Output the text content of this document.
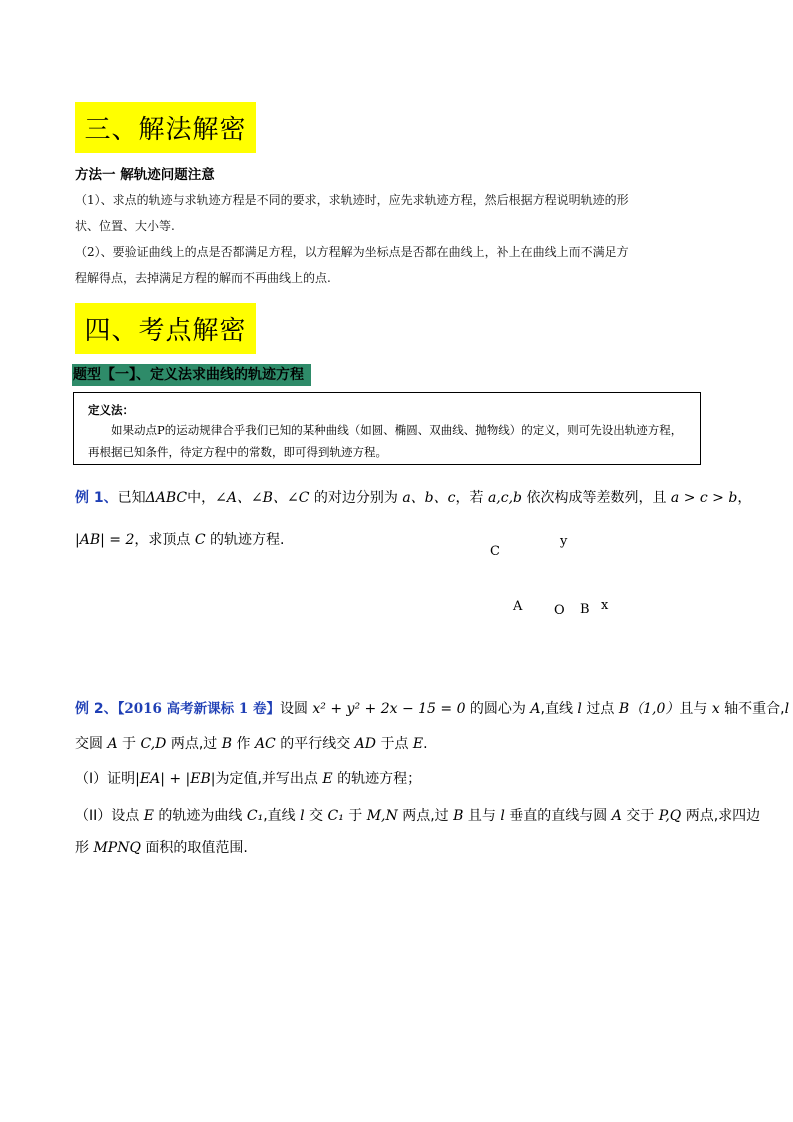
三、解法解密
方法一 解轨迹问题注意
（1）、求点的轨迹与求轨迹方程是不同的要求，求轨迹时，应先求轨迹方程，然后根据方程说明轨迹的形
状、位置、大小等.
（2）、要验证曲线上的点是否都满足方程，以方程解为坐标点是否都在曲线上，补上在曲线上而不满足方
程解得点，去掉满足方程的解而不再曲线上的点.
四、考点解密
题型【一】、定义法求曲线的轨迹方程
定义法：
如果动点P的运动规律合乎我们已知的某种曲线（如圆、椭圆、双曲线、抛物线）的定义，则可先设出轨迹方程，再根据已知条件，待定方程中的常数，即可得到轨迹方程。
例 1、已知ΔABC中，∠A、∠B、∠C 的对边分别为 a、b、c，若 a,c,b 依次构成等差数列，且 a > c > b，
|AB| = 2，求顶点 C 的轨迹方程.
C
y
A O B x
例 2、【2016 高考新课标 1 卷】设圆 x² + y² + 2x − 15 = 0 的圆心为 A,直线 l 过点 B（1,0）且与 x 轴不重合,l
交圆 A 于 C,D 两点,过 B 作 AC 的平行线交 AD 于点 E.
（I）证明|EA| + |EB|为定值,并写出点 E 的轨迹方程；
（II）设点 E 的轨迹为曲线 C₁,直线 l 交 C₁ 于 M,N 两点,过 B 且与 l 垂直的直线与圆 A 交于 P,Q 两点,求四边
形 MPNQ 面积的取值范围.
